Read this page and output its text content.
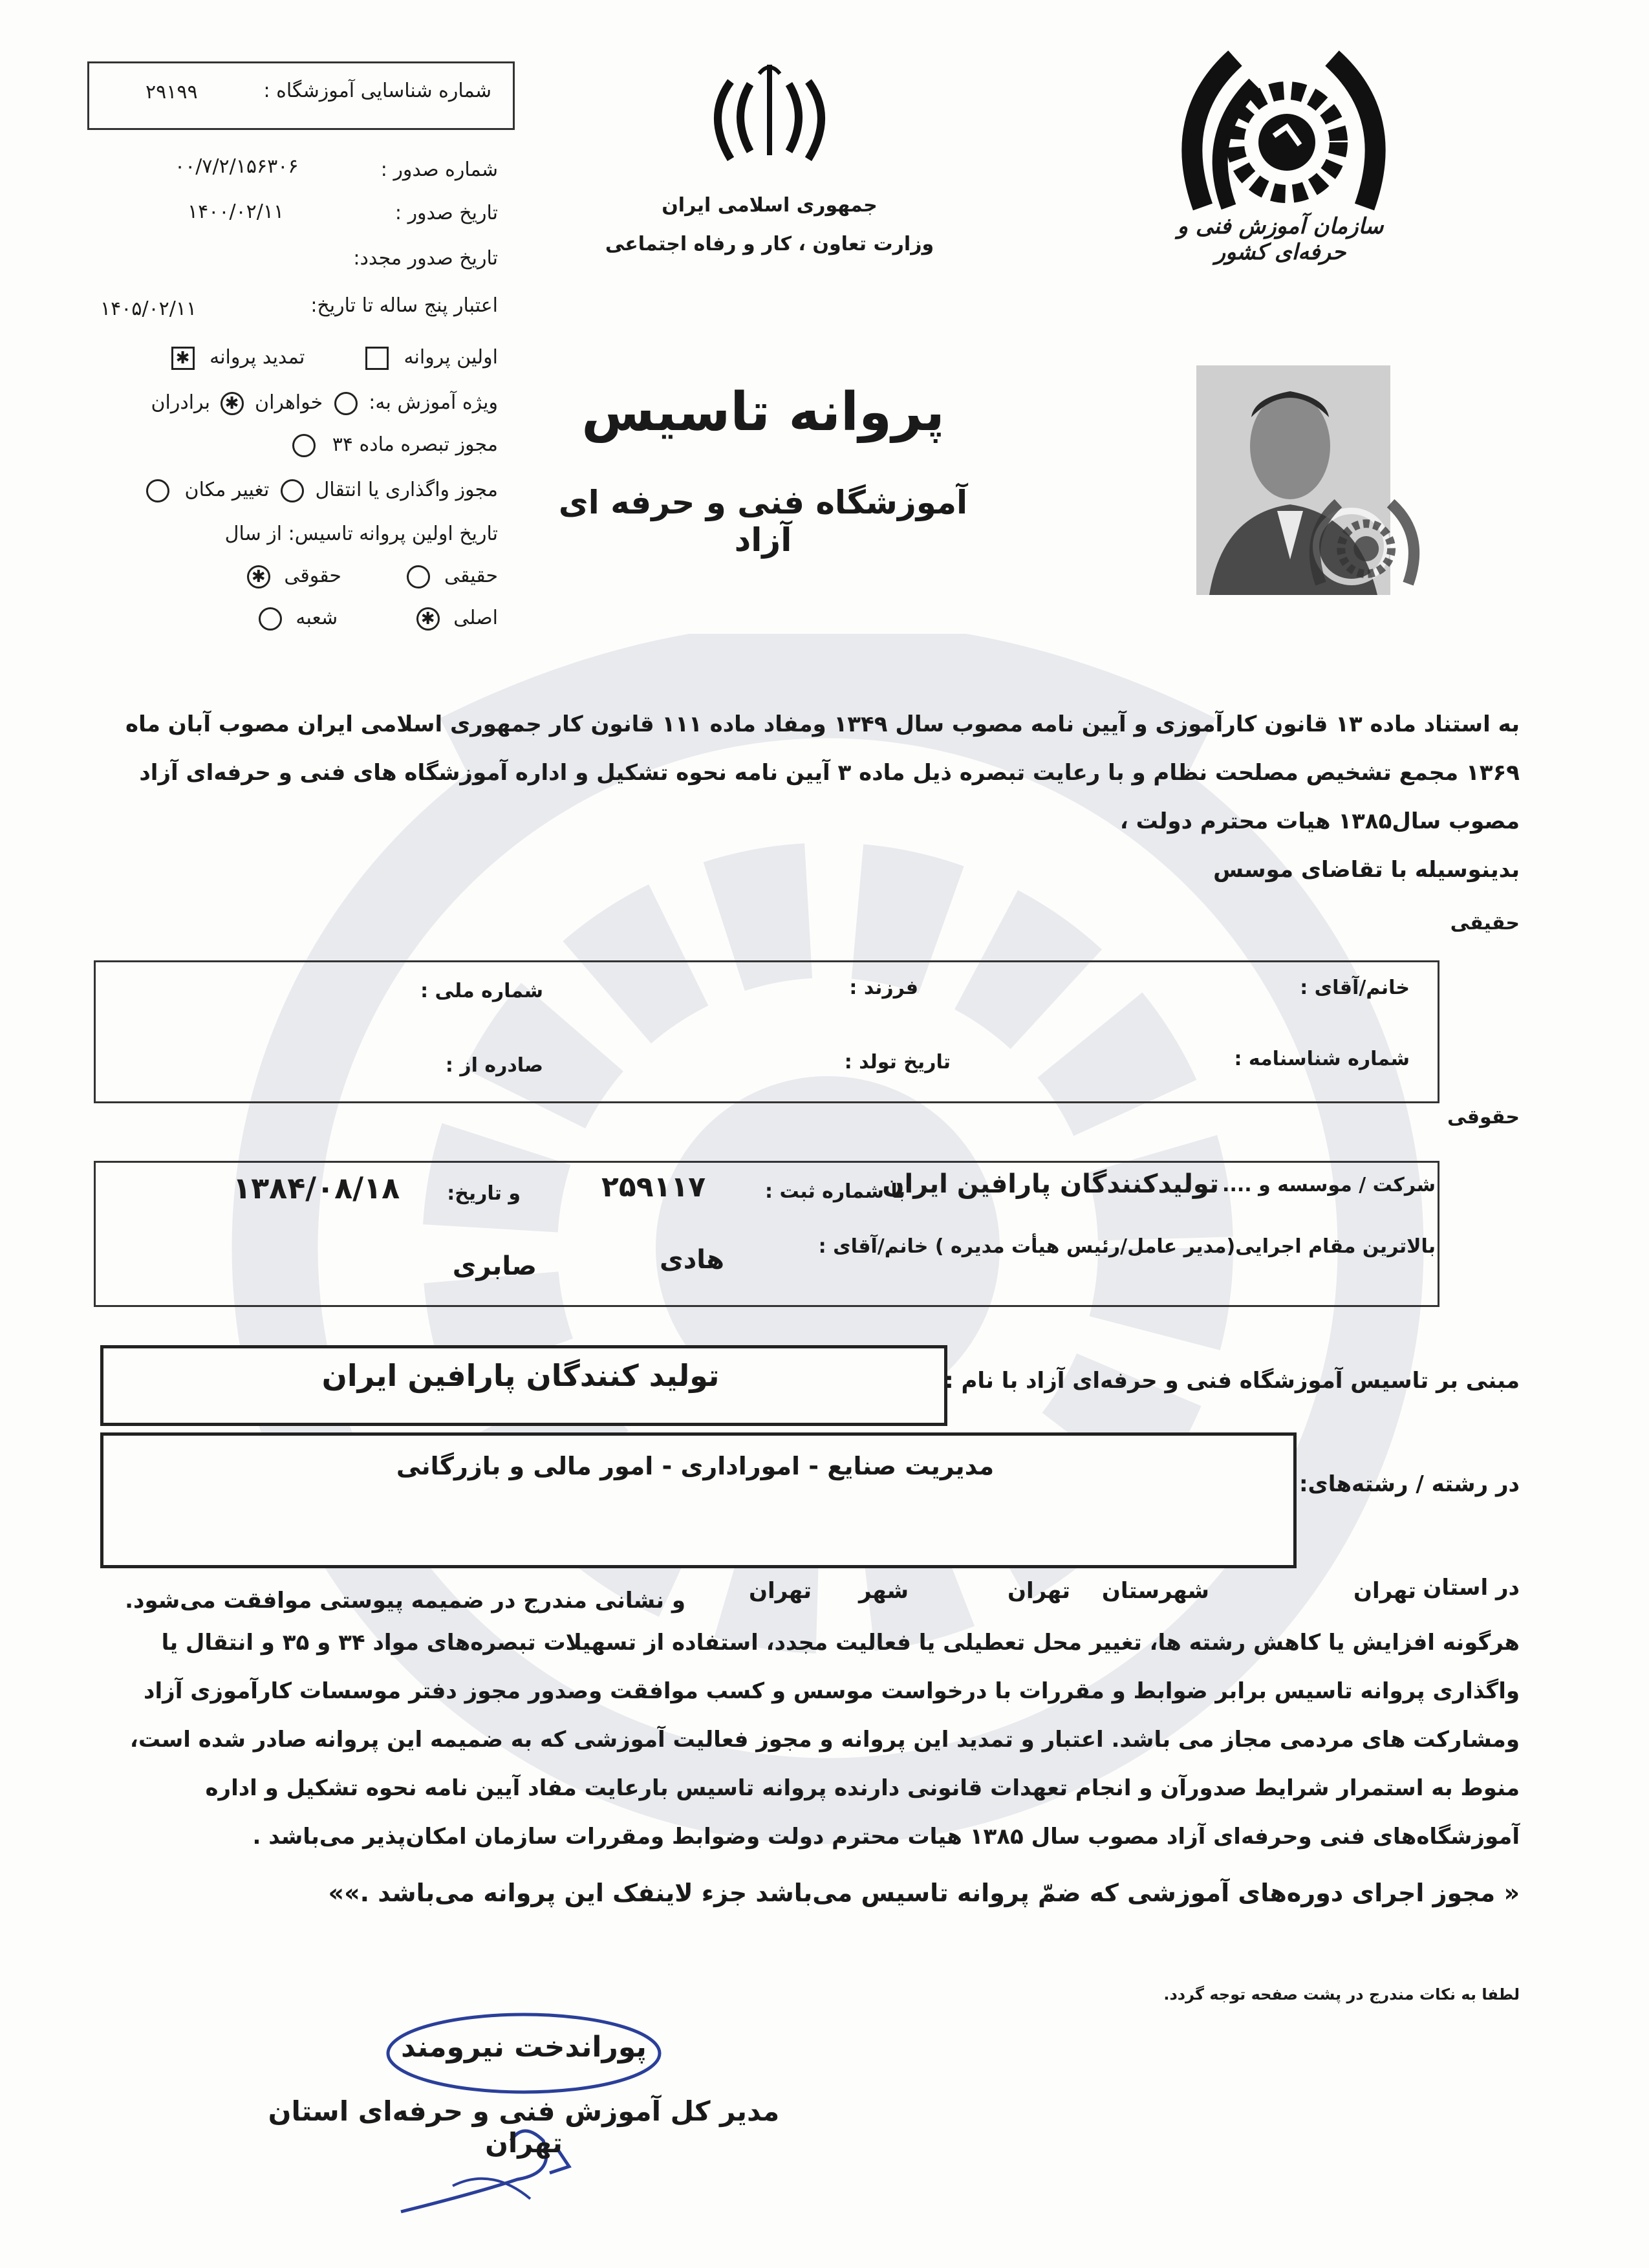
شماره شناسایی آموزشگاه :
۲۹۱۹۹
شماره صدور :
۰۰/۷/۲/۱۵۶۳۰۶
تاریخ صدور :
۱۴۰۰/۰۲/۱۱
تاریخ صدور مجدد:
اعتبار پنج ساله تا تاریخ:
۱۴۰۵/۰۲/۱۱
اولین پروانه  تمدید پروانه ✱
ویژه آموزش به:  خواهران ✱ برادران
مجوز تبصره ماده ۳۴
مجوز واگذاری یا انتقال  تغییر مکان
تاریخ اولین پروانه تاسیس: از سال
حقیقی  حقوقی ✱
اصلی ✱ شعبه
جمهوری اسلامی ایران
وزارت تعاون ، کار و رفاه اجتماعی
سازمان آموزش فنی و حرفه‌ای کشور
پروانه تاسیس
آموزشگاه فنی و حرفه ای آزاد
به استناد ماده ۱۳ قانون کارآموزی و آیین نامه مصوب سال ۱۳۴۹ ومفاد ماده ۱۱۱ قانون کار جمهوری اسلامی ایران مصوب آبان ماه
۱۳۶۹ مجمع تشخیص مصلحت نظام و با رعایت تبصره ذیل ماده ۳ آیین نامه نحوه تشکیل و اداره آموزشگاه های فنی و حرفه‌ای آزاد
مصوب سال۱۳۸۵ هیات محترم دولت ،
بدینوسیله با تقاضای موسس
حقیقی
خانم/آقای :
فرزند :
شماره ملی :
شماره شناسنامه :
تاریخ تولد :
صادره از :
حقوقی
شرکت / موسسه و ....
تولیدکنندگان پارافین ایران
با شماره ثبت :
۲۵۹۱۱۷
و تاریخ:
۱۳۸۴/۰۸/۱۸
بالاترین مقام اجرایی(مدیر عامل/رئیس هیأت مدیره ) خانم/آقای :
هادی
صابری
تولید کنندگان پارافین ایران	مبنی بر تاسیس آموزشگاه فنی و حرفه‌ای آزاد با نام :
مدیریت صنایع - اموراداری - امور مالی و بازرگانی
در رشته / رشته‌های:
در استان
تهران
شهرستان
تهران
شهر
تهران
و نشانی مندرج در ضمیمه پیوستی موافقت می‌شود.
هرگونه افزایش یا کاهش رشته ها، تغییر محل تعطیلی یا فعالیت مجدد، استفاده از تسهیلات تبصره‌های مواد ۳۴ و ۳۵ و انتقال یا
واگذاری پروانه تاسیس برابر ضوابط و مقررات با درخواست موسس و کسب موافقت وصدور مجوز دفتر موسسات کارآموزی آزاد
ومشارکت های مردمی مجاز می باشد. اعتبار و تمدید این پروانه و مجوز فعالیت آموزشی که به ضمیمه این پروانه صادر شده است،
منوط به استمرار شرایط صدورآن و انجام تعهدات قانونی دارنده پروانه تاسیس بارعایت مفاد آیین نامه نحوه تشکیل و اداره
آموزشگاه‌های فنی وحرفه‌ای آزاد مصوب سال ۱۳۸۵ هیات محترم دولت وضوابط ومقررات سازمان امکان‌پذیر می‌باشد .
« مجوز اجرای دوره‌های آموزشی که ضمّ پروانه تاسیس می‌باشد جزء لاینفک این پروانه می‌باشد .»»
لطفا به نکات مندرج در پشت صفحه توجه گردد.
پوراندخت نیرومند
مدیر کل آموزش فنی و حرفه‌ای استان تهران
